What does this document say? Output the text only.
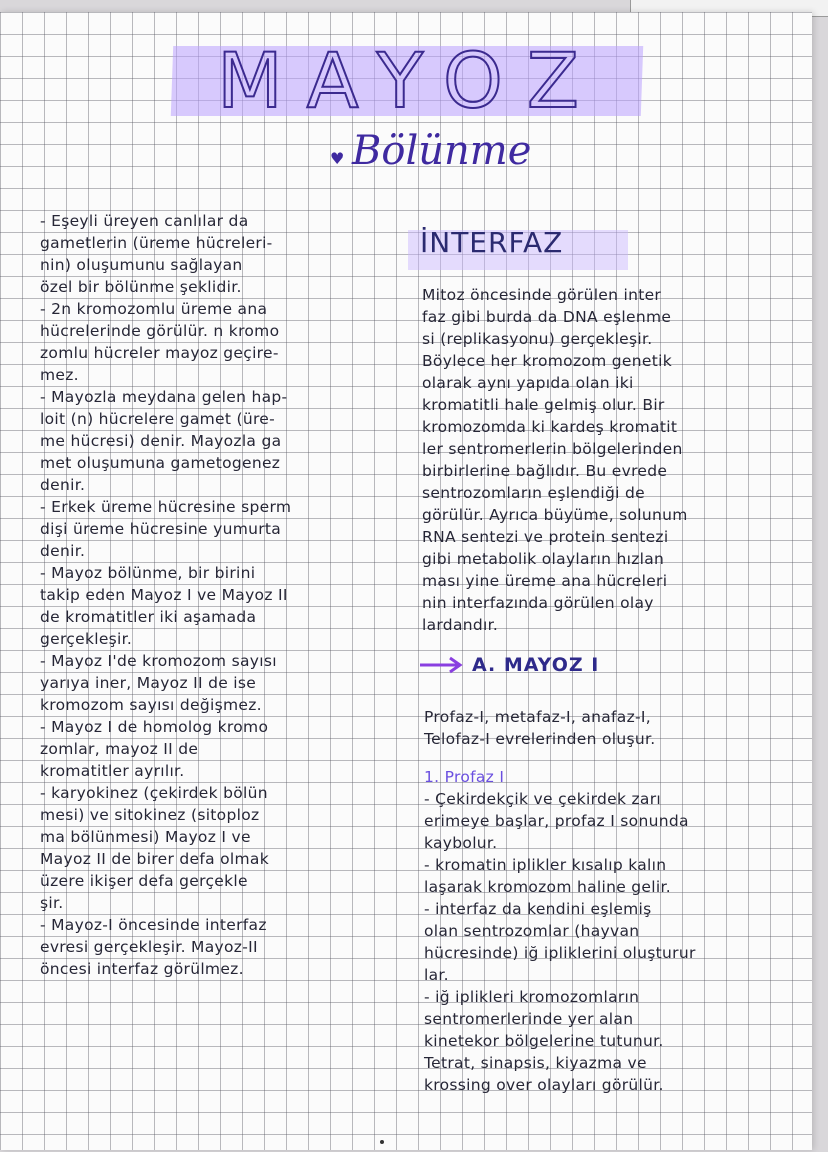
MAYOZ
♥ Bölünme
- Eşeyli üreyen canlılar da
gametlerin (üreme hücreleri-
nin) oluşumunu sağlayan
özel bir bölünme şeklidir.
- 2n kromozomlu üreme ana
hücrelerinde görülür. n kromo
zomlu hücreler mayoz geçire-
mez.
- Mayozla meydana gelen hap-
loit (n) hücrelere gamet (üre-
me hücresi) denir. Mayozla ga
met oluşumuna gametogenez
denir.
- Erkek üreme hücresine sperm
dişi üreme hücresine yumurta
denir.
- Mayoz bölünme, bir birini
takip eden Mayoz I ve Mayoz II
de kromatitler iki aşamada
gerçekleşir.
- Mayoz I'de kromozom sayısı
yarıya iner, Mayoz II de ise
kromozom sayısı değişmez.
- Mayoz I de homolog kromo
zomlar, mayoz II de
kromatitler ayrılır.
- karyokinez (çekirdek bölün
mesi) ve sitokinez (sitoploz
ma bölünmesi) Mayoz I ve
Mayoz II de birer defa olmak
üzere ikişer defa gerçekle
şir.
- Mayoz-I öncesinde interfaz
evresi gerçekleşir. Mayoz-II
öncesi interfaz görülmez.
İNTERFAZ
Mitoz öncesinde görülen inter
faz gibi burda da DNA eşlenme
si (replikasyonu) gerçekleşir.
Böylece her kromozom genetik
olarak aynı yapıda olan iki
kromatitli hale gelmiş olur. Bir
kromozomda ki kardeş kromatit
ler sentromerlerin bölgelerinden
birbirlerine bağlıdır. Bu evrede
sentrozomların eşlendiği de
görülür. Ayrıca büyüme, solunum
RNA sentezi ve protein sentezi
gibi metabolik olayların hızlan
ması yine üreme ana hücreleri
nin interfazında görülen olay
lardandır.
A. MAYOZ I
Profaz-I, metafaz-I, anafaz-I,
Telofaz-I evrelerinden oluşur.
1. Profaz I
- Çekirdekçik ve çekirdek zarı
erimeye başlar, profaz I sonunda
kaybolur.
- kromatin iplikler kısalıp kalın
laşarak kromozom haline gelir.
- interfaz da kendini eşlemiş
olan sentrozomlar (hayvan
hücresinde) iğ ipliklerini oluşturur
lar.
- iğ iplikleri kromozomların
sentromerlerinde yer alan
kinetekor bölgelerine tutunur.
Tetrat, sinapsis, kiyazma ve
krossing over olayları görülür.
